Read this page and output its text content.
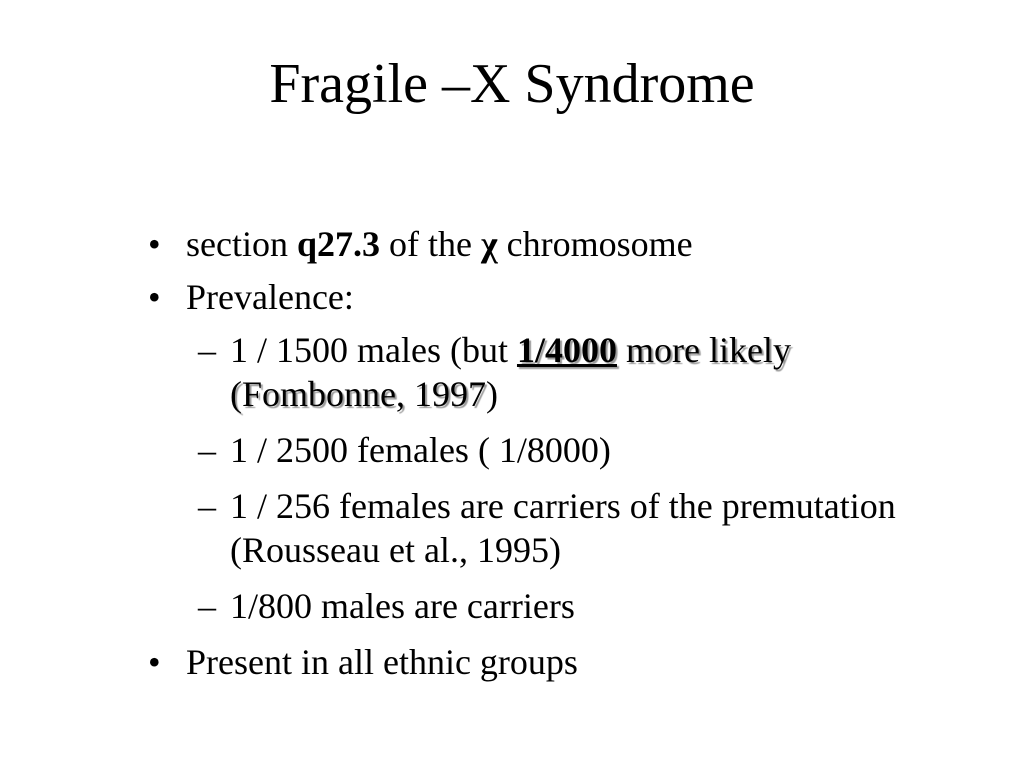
Fragile –X Syndrome
• section q27.3 of the χ chromosome
• Prevalence:
– 1 / 1500 males (but 1/4000 more likely (Fombonne, 1997)
– 1 / 2500 females ( 1/8000)
– 1 / 256 females are carriers of the premutation (Rousseau et al., 1995)
– 1/800 males are carriers
• Present in all ethnic groups
